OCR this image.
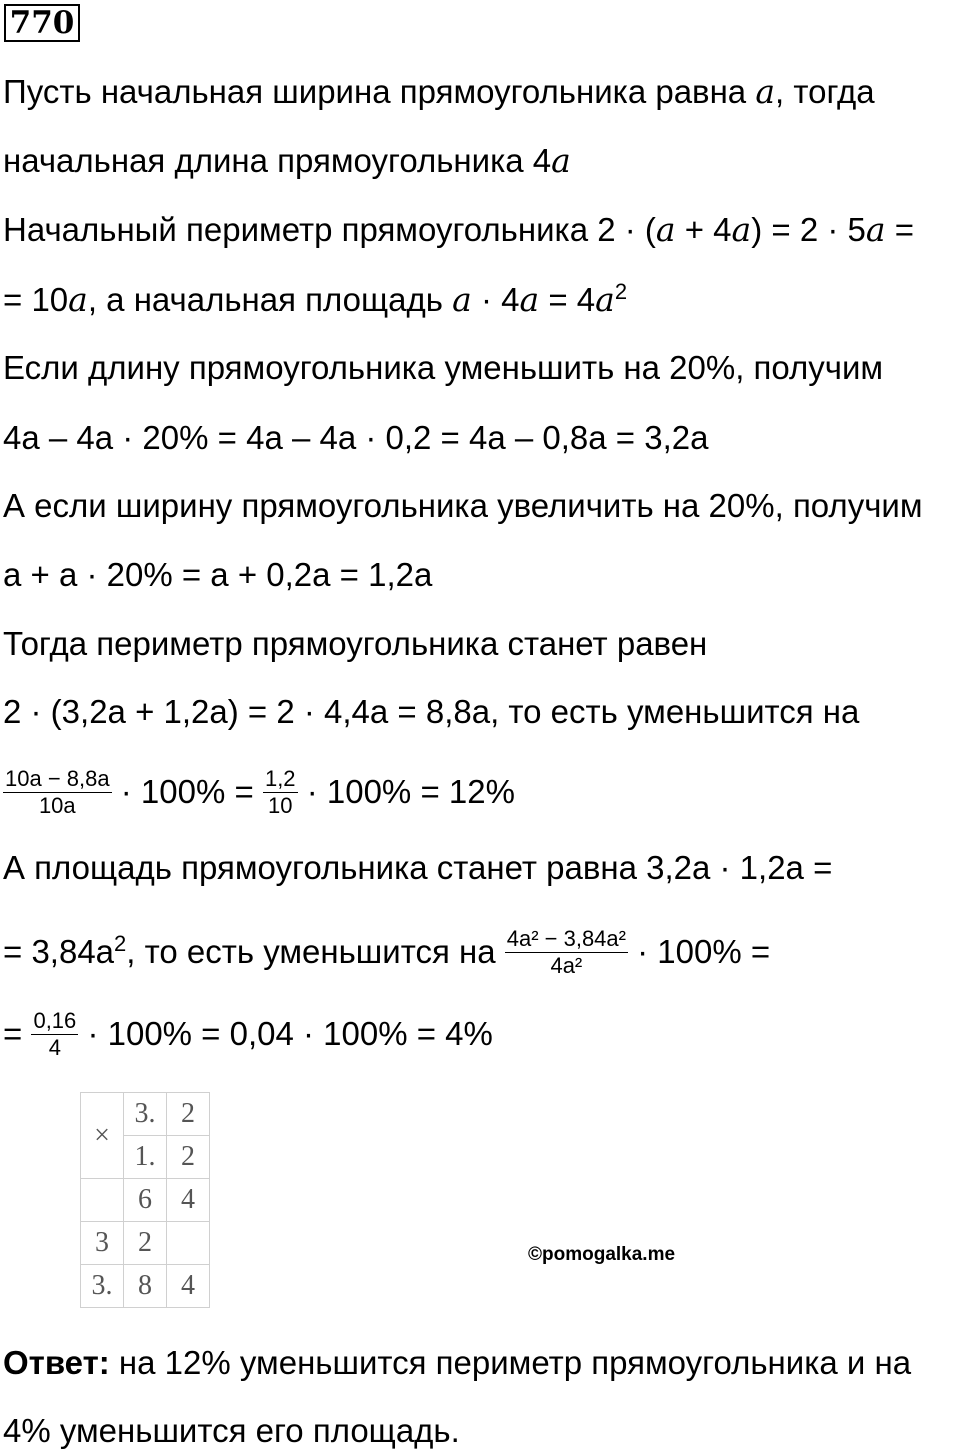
770
Пусть начальная ширина прямоугольника равна a, тогда
начальная длина прямоугольника 4a
Начальный периметр прямоугольника 2 · (a + 4a) = 2 · 5a =
= 10a, а начальная площадь $a \cdot 4a = 4a^2$
Если длину прямоугольника уменьшить на 20%, получим
4a – 4a · 20% = 4a – 4a · 0,2 = 4a – 0,8a = 3,2a
А если ширину прямоугольника увеличить на 20%, получим
a + a · 20% = a + 0,2a = 1,2a
Тогда периметр прямоугольника станет равен
2 · (3,2a + 1,2a) = 2 · 4,4a = 8,8a, то есть уменьшится на
$\frac{10a - 8,8a}{10a} \cdot 100\% = \frac{1,2}{10} \cdot 100\% = 12\%$
А площадь прямоугольника станет равна 3,2a · 1,2a =
= $3,84a^2$, то есть уменьшится на $\frac{\text{4a² − 3,84a²}}{\text{4a²}} \cdot 100\%$ =
= $\frac{0,16}{4} \cdot 100\% = 0,04 \cdot 100\% = 4\%$
×	3.	2
	1.	2
	6	4
3	2	
3.	8	4
©pomogalka.me
Ответ: на 12% уменьшится периметр прямоугольника и на
4% уменьшится его площадь.
